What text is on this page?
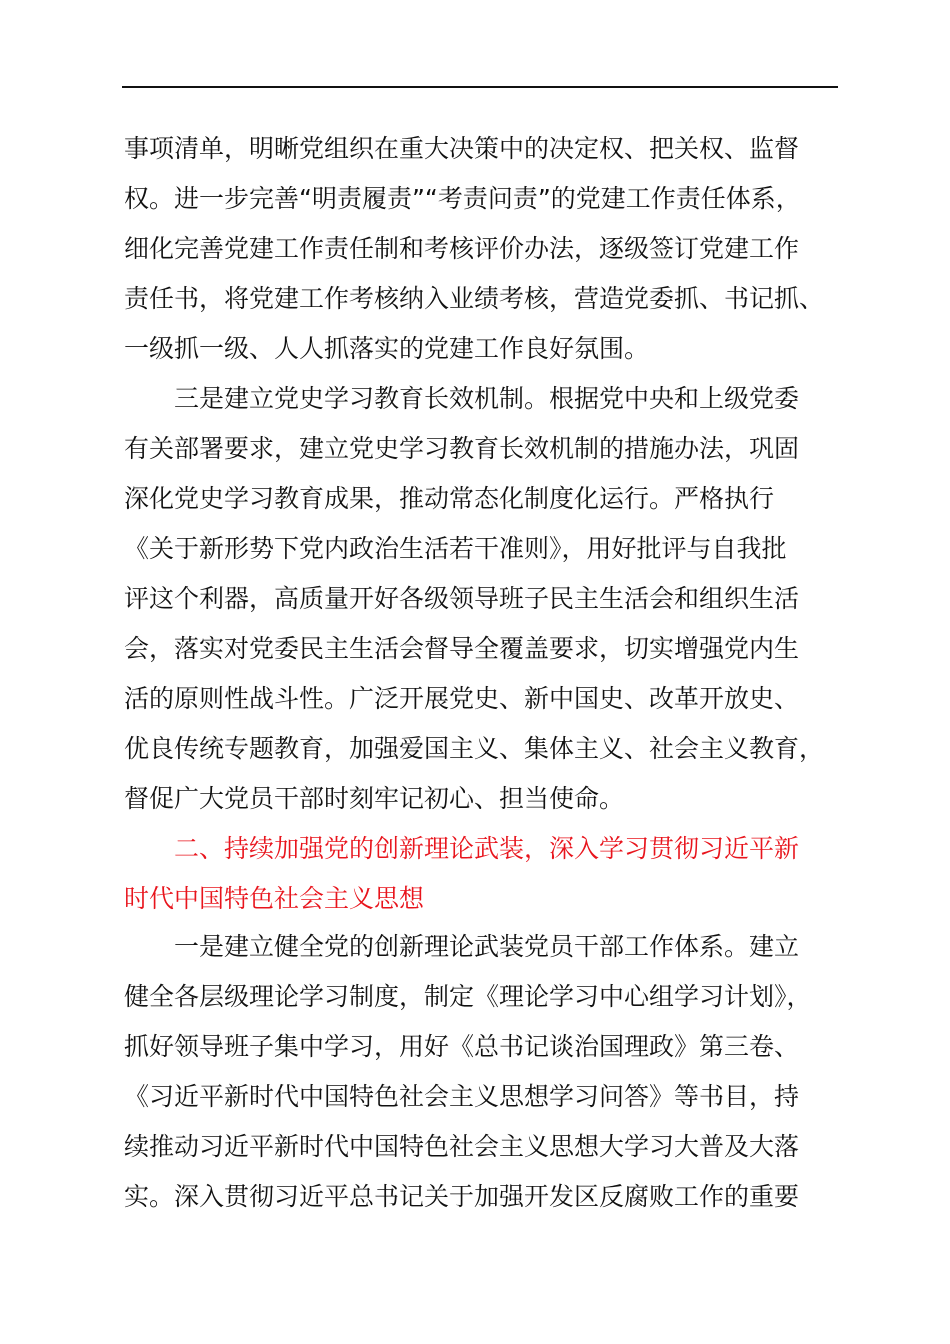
事项清单，明晰党组织在重大决策中的决定权、把关权、监督
权。进一步完善“明责履责”“考责问责”的党建工作责任体系，
细化完善党建工作责任制和考核评价办法，逐级签订党建工作
责任书，将党建工作考核纳入业绩考核，营造党委抓、书记抓、
一级抓一级、人人抓落实的党建工作良好氛围。
三是建立党史学习教育长效机制。根据党中央和上级党委
有关部署要求，建立党史学习教育长效机制的措施办法，巩固
深化党史学习教育成果，推动常态化制度化运行。严格执行
《关于新形势下党内政治生活若干准则》，用好批评与自我批
评这个利器，高质量开好各级领导班子民主生活会和组织生活
会，落实对党委民主生活会督导全覆盖要求，切实增强党内生
活的原则性战斗性。广泛开展党史、新中国史、改革开放史、
优良传统专题教育，加强爱国主义、集体主义、社会主义教育，
督促广大党员干部时刻牢记初心、担当使命。
二、持续加强党的创新理论武装，深入学习贯彻习近平新
时代中国特色社会主义思想
一是建立健全党的创新理论武装党员干部工作体系。建立
健全各层级理论学习制度，制定《理论学习中心组学习计划》，
抓好领导班子集中学习，用好《总书记谈治国理政》第三卷、
《习近平新时代中国特色社会主义思想学习问答》等书目，持
续推动习近平新时代中国特色社会主义思想大学习大普及大落
实。深入贯彻习近平总书记关于加强开发区反腐败工作的重要
